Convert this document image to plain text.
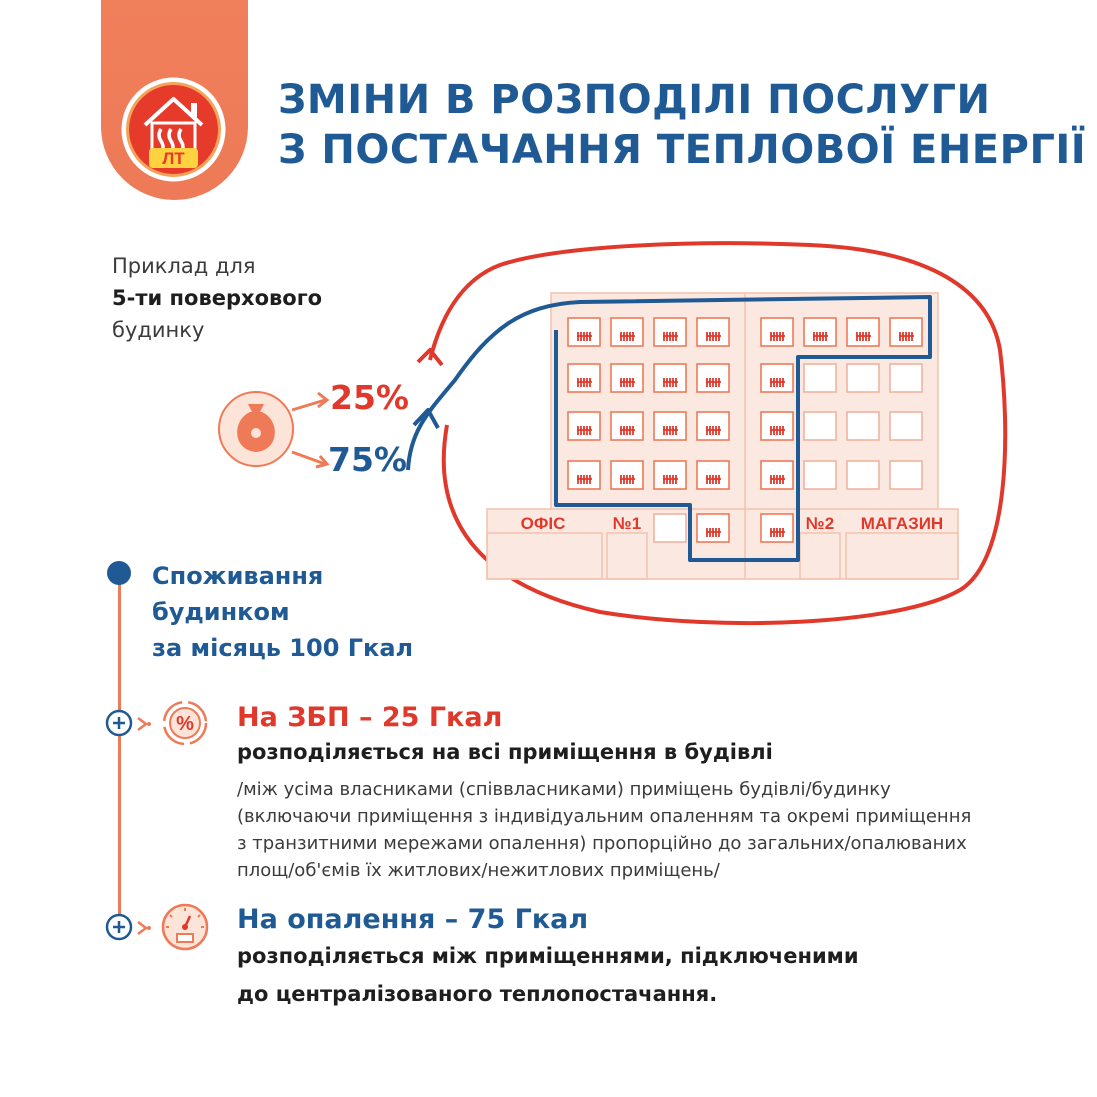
ЛТ
ЗМІНИ В РОЗПОДІЛІ ПОСЛУГИ
З ПОСТАЧАННЯ ТЕПЛОВОЇ ЕНЕРГІЇ
Приклад для
5-ти поверхового
будинку
ОФІС	№1	№2 МАГАЗИН
25%
75%
Споживання
будинком
за місяць 100 Гкал
% На ЗБП – 25 Гкал
розподіляється на всі приміщення в будівлі
/між усіма власниками (співвласниками) приміщень будівлі/будинку
(включаючи приміщення з індивідуальним опаленням та окремі приміщення
з транзитними мережами опалення) пропорційно до загальних/опалюваних
площ/об'ємів їх житлових/нежитлових приміщень/
На опалення – 75 Гкал
розподіляється між приміщеннями, підключеними
до централізованого теплопостачання.
